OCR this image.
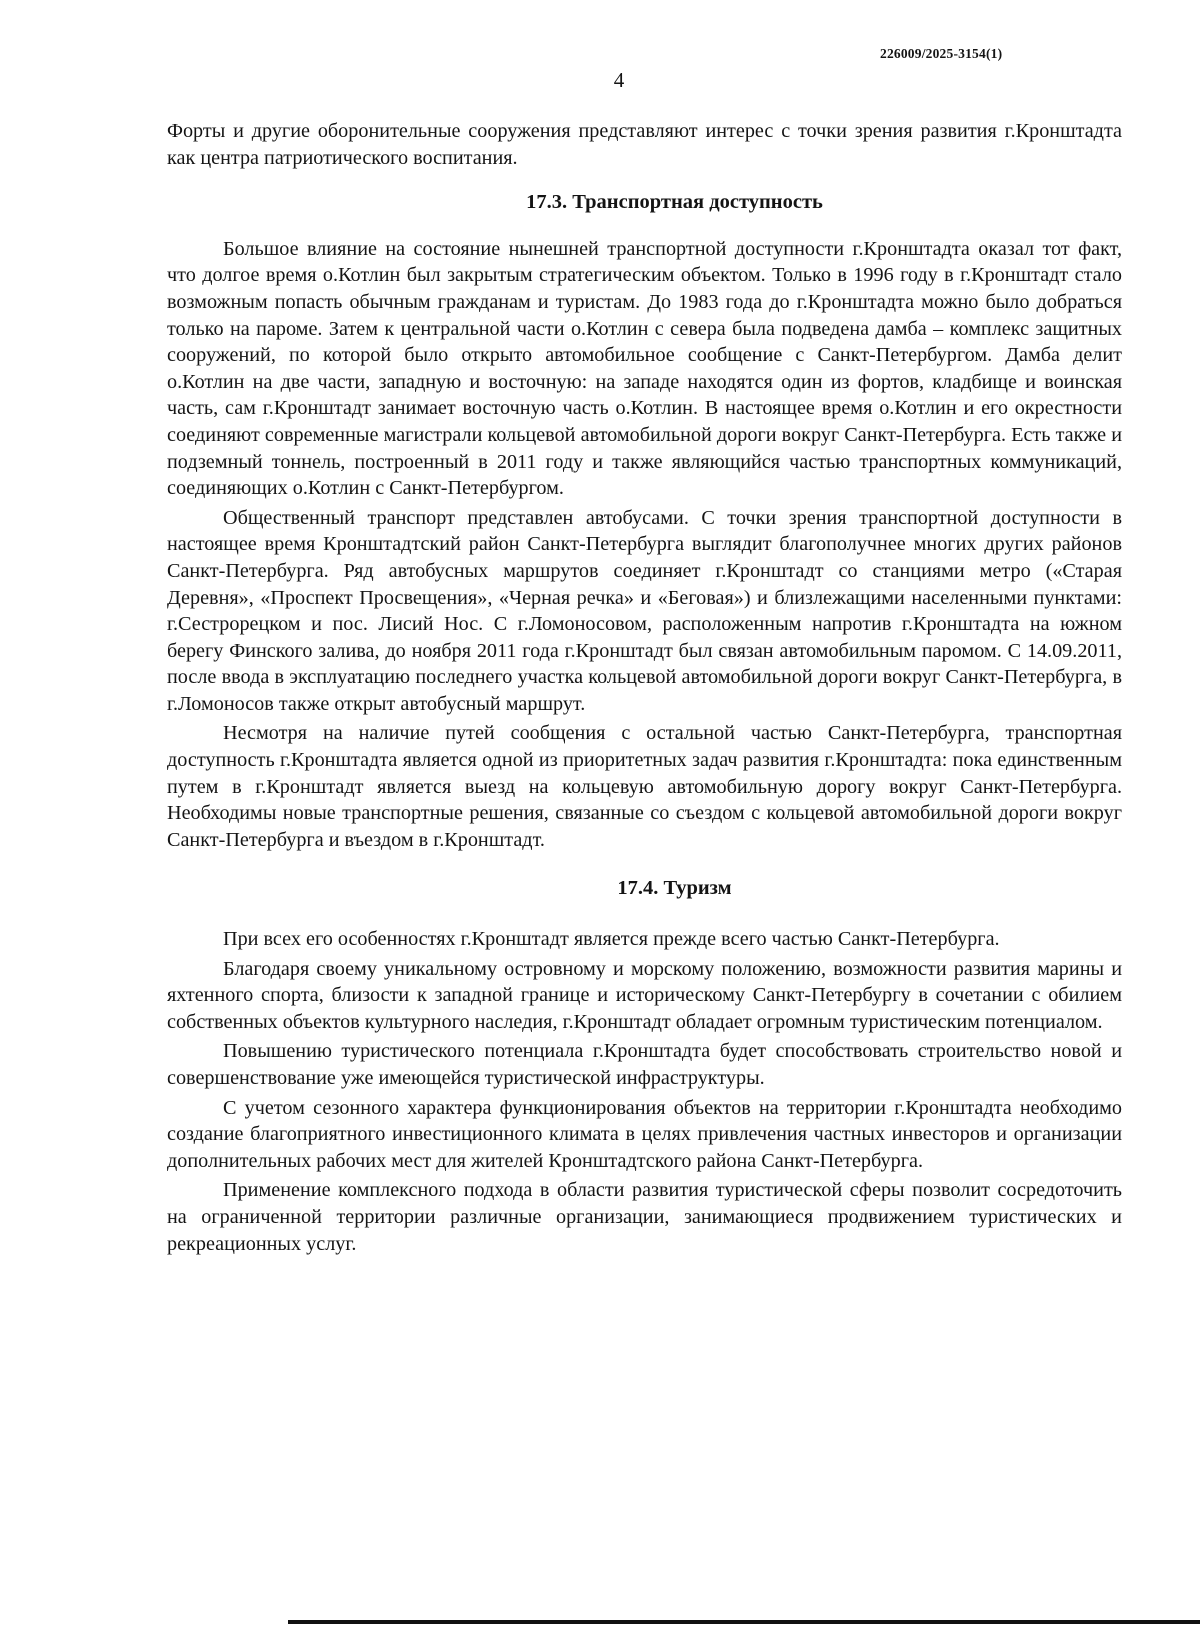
226009/2025-3154(1)
4

Форты и другие оборонительные сооружения представляют интерес с точки зрения развития г.Кронштадта как центра патриотического воспитания.

17.3. Транспортная доступность

Большое влияние на состояние нынешней транспортной доступности г.Кронштадта оказал тот факт, что долгое время о.Котлин был закрытым стратегическим объектом. Только в 1996 году в г.Кронштадт стало возможным попасть обычным гражданам и туристам. До 1983 года до г.Кронштадта можно было добраться только на пароме. Затем к центральной части о.Котлин с севера была подведена дамба – комплекс защитных сооружений, по которой было открыто автомобильное сообщение с Санкт-Петербургом. Дамба делит о.Котлин на две части, западную и восточную: на западе находятся один из фортов, кладбище и воинская часть, сам г.Кронштадт занимает восточную часть о.Котлин. В настоящее время о.Котлин и его окрестности соединяют современные магистрали кольцевой автомобильной дороги вокруг Санкт-Петербурга. Есть также и подземный тоннель, построенный в 2011 году и также являющийся частью транспортных коммуникаций, соединяющих о.Котлин с Санкт-Петербургом.

Общественный транспорт представлен автобусами. С точки зрения транспортной доступности в настоящее время Кронштадтский район Санкт-Петербурга выглядит благополучнее многих других районов Санкт-Петербурга. Ряд автобусных маршрутов соединяет г.Кронштадт со станциями метро («Старая Деревня», «Проспект Просвещения», «Черная речка» и «Беговая») и близлежащими населенными пунктами: г.Сестрорецком и пос. Лисий Нос. С г.Ломоносовом, расположенным напротив г.Кронштадта на южном берегу Финского залива, до ноября 2011 года г.Кронштадт был связан автомобильным паромом. С 14.09.2011, после ввода в эксплуатацию последнего участка кольцевой автомобильной дороги вокруг Санкт-Петербурга, в г.Ломоносов также открыт автобусный маршрут.

Несмотря на наличие путей сообщения с остальной частью Санкт-Петербурга, транспортная доступность г.Кронштадта является одной из приоритетных задач развития г.Кронштадта: пока единственным путем в г.Кронштадт является выезд на кольцевую автомобильную дорогу вокруг Санкт-Петербурга. Необходимы новые транспортные решения, связанные со съездом с кольцевой автомобильной дороги вокруг Санкт-Петербурга и въездом в г.Кронштадт.

17.4. Туризм

При всех его особенностях г.Кронштадт является прежде всего частью Санкт-Петербурга.

Благодаря своему уникальному островному и морскому положению, возможности развития марины и яхтенного спорта, близости к западной границе и историческому Санкт-Петербургу в сочетании с обилием собственных объектов культурного наследия, г.Кронштадт обладает огромным туристическим потенциалом.

Повышению туристического потенциала г.Кронштадта будет способствовать строительство новой и совершенствование уже имеющейся туристической инфраструктуры.

С учетом сезонного характера функционирования объектов на территории г.Кронштадта необходимо создание благоприятного инвестиционного климата в целях привлечения частных инвесторов и организации дополнительных рабочих мест для жителей Кронштадтского района Санкт-Петербурга.

Применение комплексного подхода в области развития туристической сферы позволит сосредоточить на ограниченной территории различные организации, занимающиеся продвижением туристических и рекреационных услуг.
